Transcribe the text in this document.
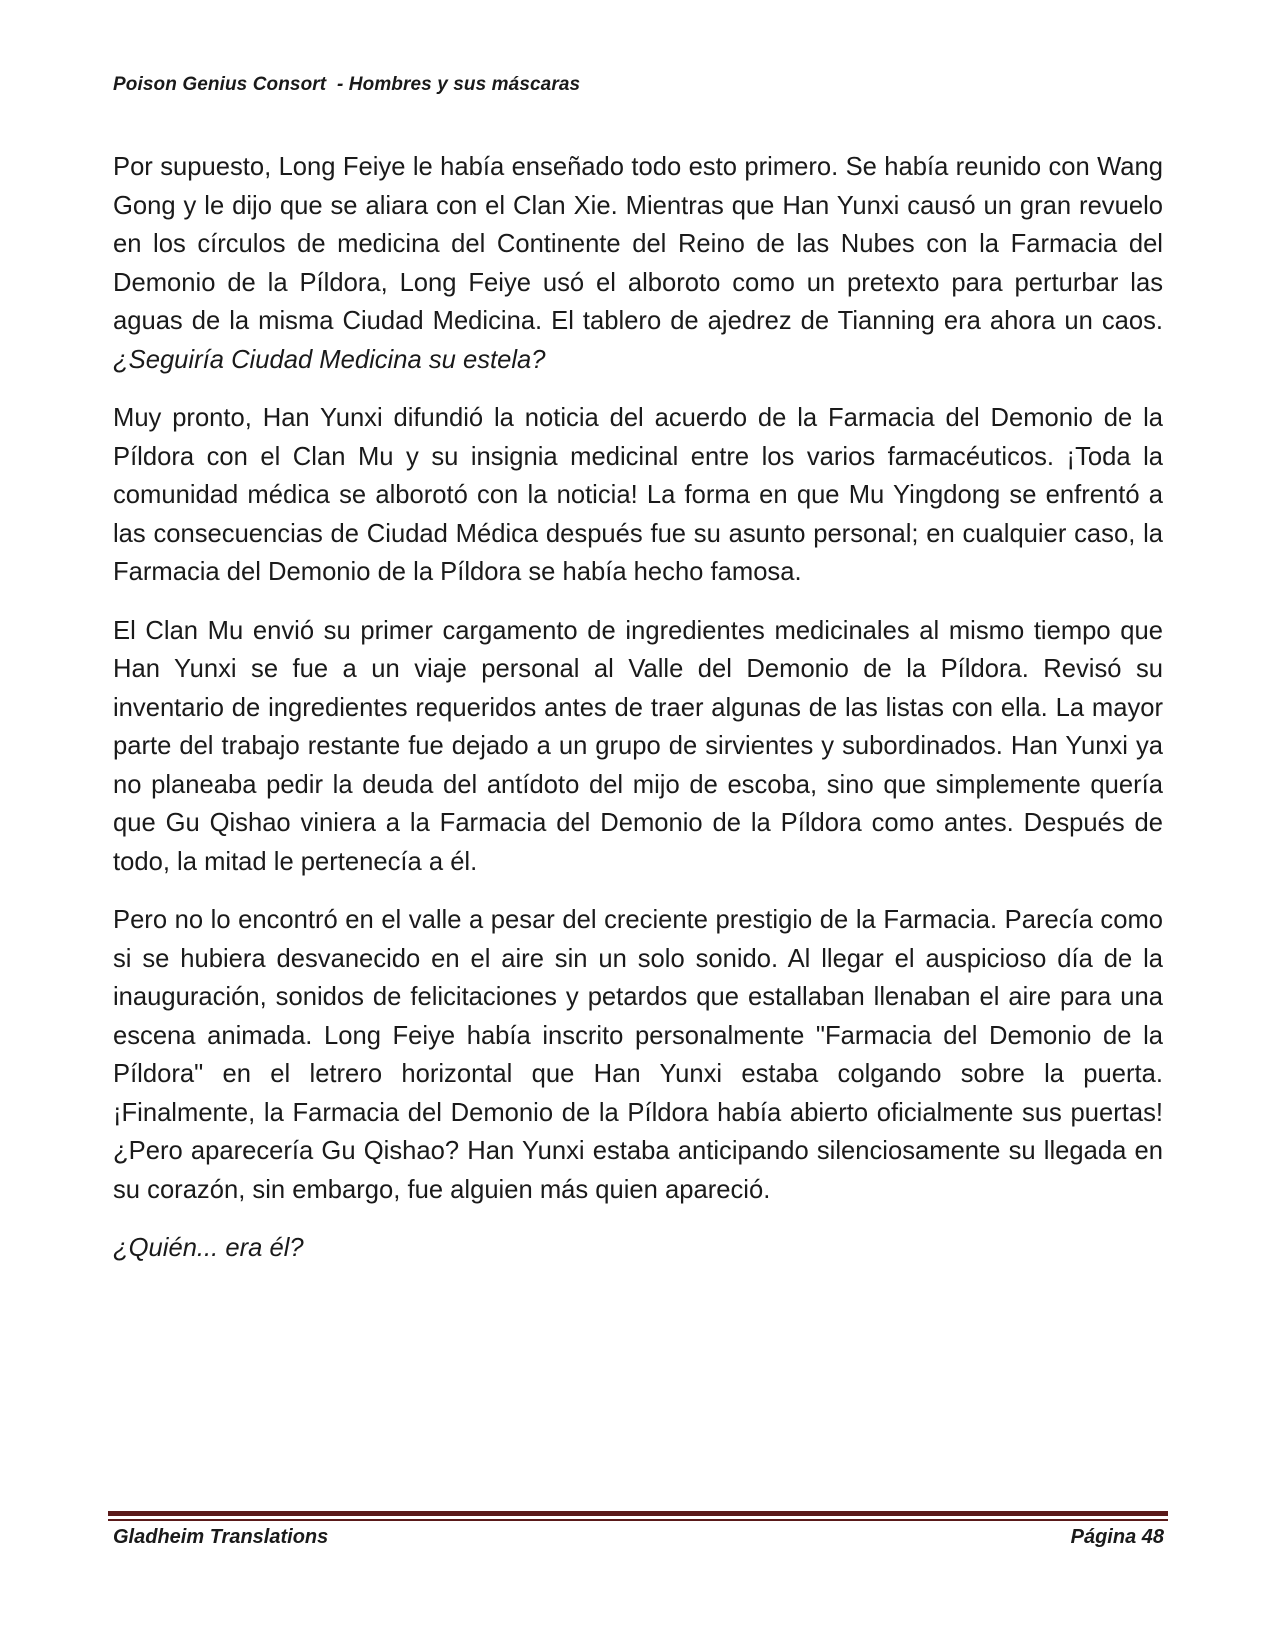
Poison Genius Consort  - Hombres y sus máscaras

Por supuesto, Long Feiye le había enseñado todo esto primero. Se había reunido con Wang Gong y le dijo que se aliara con el Clan Xie. Mientras que Han Yunxi causó un gran revuelo en los círculos de medicina del Continente del Reino de las Nubes con la Farmacia del Demonio de la Píldora, Long Feiye usó el alboroto como un pretexto para perturbar las aguas de la misma Ciudad Medicina. El tablero de ajedrez de Tianning era ahora un caos. ¿Seguiría Ciudad Medicina su estela?

Muy pronto, Han Yunxi difundió la noticia del acuerdo de la Farmacia del Demonio de la Píldora con el Clan Mu y su insignia medicinal entre los varios farmacéuticos. ¡Toda la comunidad médica se alborotó con la noticia! La forma en que Mu Yingdong se enfrentó a las consecuencias de Ciudad Médica después fue su asunto personal; en cualquier caso, la Farmacia del Demonio de la Píldora se había hecho famosa.

El Clan Mu envió su primer cargamento de ingredientes medicinales al mismo tiempo que Han Yunxi se fue a un viaje personal al Valle del Demonio de la Píldora. Revisó su inventario de ingredientes requeridos antes de traer algunas de las listas con ella. La mayor parte del trabajo restante fue dejado a un grupo de sirvientes y subordinados. Han Yunxi ya no planeaba pedir la deuda del antídoto del mijo de escoba, sino que simplemente quería que Gu Qishao viniera a la Farmacia del Demonio de la Píldora como antes. Después de todo, la mitad le pertenecía a él.

Pero no lo encontró en el valle a pesar del creciente prestigio de la Farmacia. Parecía como si se hubiera desvanecido en el aire sin un solo sonido. Al llegar el auspicioso día de la inauguración, sonidos de felicitaciones y petardos que estallaban llenaban el aire para una escena animada. Long Feiye había inscrito personalmente "Farmacia del Demonio de la Píldora" en el letrero horizontal que Han Yunxi estaba colgando sobre la puerta. ¡Finalmente, la Farmacia del Demonio de la Píldora había abierto oficialmente sus puertas! ¿Pero aparecería Gu Qishao? Han Yunxi estaba anticipando silenciosamente su llegada en su corazón, sin embargo, fue alguien más quien apareció.

¿Quién... era él?

Gladheim Translations	Página 48
